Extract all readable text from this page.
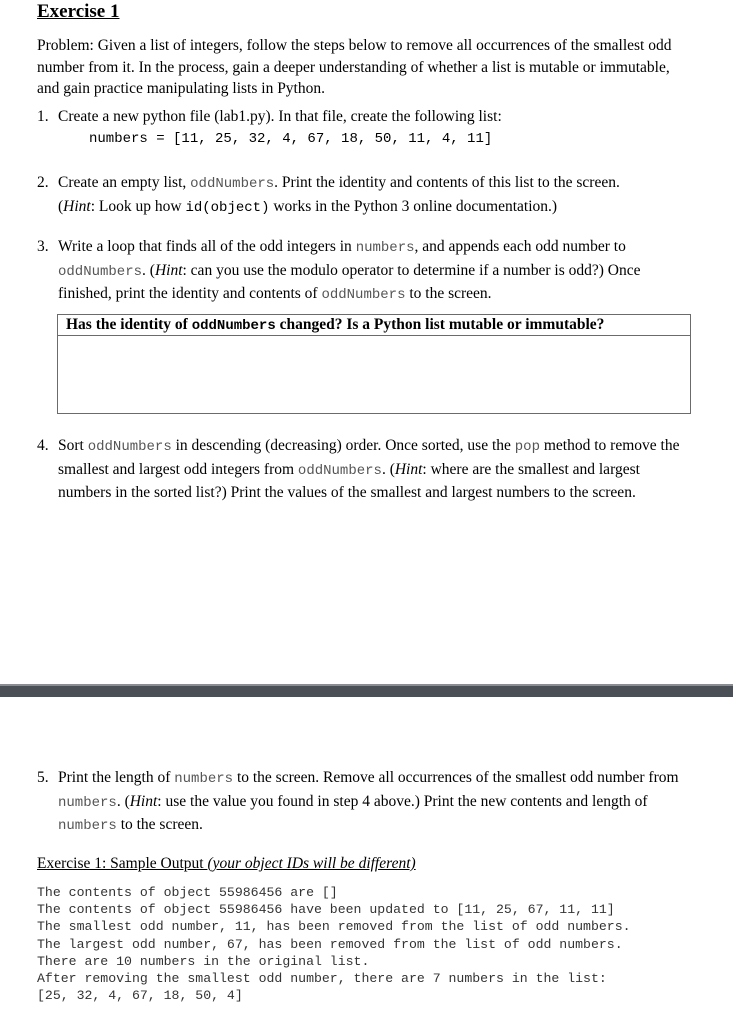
Exercise 1
Problem: Given a list of integers, follow the steps below to remove all occurrences of the smallest odd number from it. In the process, gain a deeper understanding of whether a list is mutable or immutable, and gain practice manipulating lists in Python.
1. Create a new python file (lab1.py). In that file, create the following list:
numbers = [11, 25, 32, 4, 67, 18, 50, 11, 4, 11]
2. Create an empty list, oddNumbers. Print the identity and contents of this list to the screen.
(Hint: Look up how id(object) works in the Python 3 online documentation.)
3. Write a loop that finds all of the odd integers in numbers, and appends each odd number to oddNumbers. (Hint: can you use the modulo operator to determine if a number is odd?) Once finished, print the identity and contents of oddNumbers to the screen.
Has the identity of oddNumbers changed? Is a Python list mutable or immutable?
4. Sort oddNumbers in descending (decreasing) order. Once sorted, use the pop method to remove the smallest and largest odd integers from oddNumbers. (Hint: where are the smallest and largest numbers in the sorted list?) Print the values of the smallest and largest numbers to the screen.
5. Print the length of numbers to the screen. Remove all occurrences of the smallest odd number from numbers. (Hint: use the value you found in step 4 above.) Print the new contents and length of numbers to the screen.
Exercise 1: Sample Output (your object IDs will be different)
The contents of object 55986456 are []
The contents of object 55986456 have been updated to [11, 25, 67, 11, 11]
The smallest odd number, 11, has been removed from the list of odd numbers.
The largest odd number, 67, has been removed from the list of odd numbers.
There are 10 numbers in the original list.
After removing the smallest odd number, there are 7 numbers in the list:
[25, 32, 4, 67, 18, 50, 4]
